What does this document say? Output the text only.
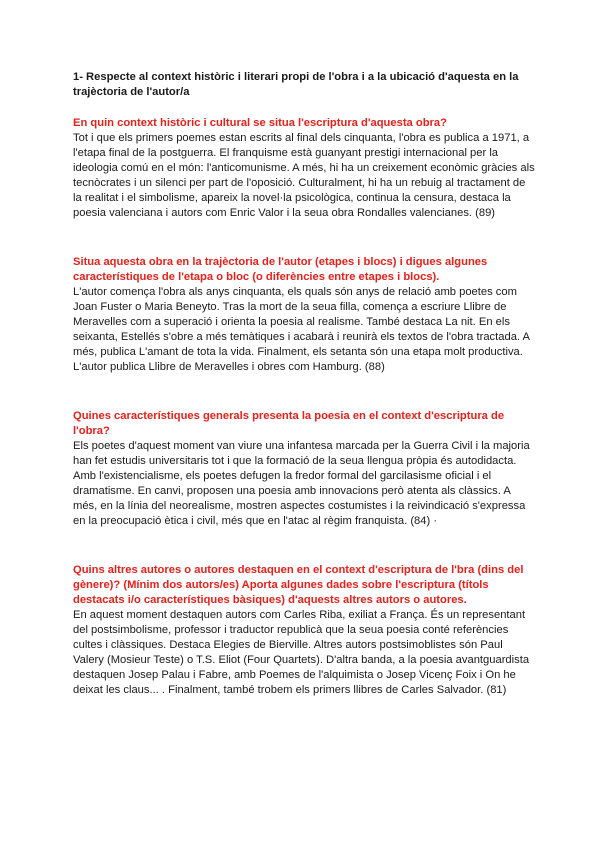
1- Respecte al context històric i literari propi de l'obra i a la ubicació d'aquesta en la trajèctoria de l'autor/a

En quin context històric i cultural se situa l'escriptura d'aquesta obra?

Tot i que els primers poemes estan escrits al final dels cinquanta, l'obra es publica a 1971, a l'etapa final de la postguerra. El franquisme està guanyant prestigi internacional per la ideologia comú en el món: l'anticomunisme. A més, hi ha un creixement econòmic gràcies als tecnòcrates i un silenci per part de l'oposició. Culturalment, hi ha un rebuig al tractament de la realitat i el simbolisme, apareix la novel·la psicològica, continua la censura, destaca la poesia valenciana i autors com Enric Valor i la seua obra Rondalles valencianes. (89)

Situa aquesta obra en la trajèctoria de l'autor (etapes i blocs) i digues algunes característiques de l'etapa o bloc (o diferències entre etapes i blocs).

L'autor comença l'obra als anys cinquanta, els quals són anys de relació amb poetes com Joan Fuster o Maria Beneyto. Tras la mort de la seua filla, comença a escriure Llibre de Meravelles com a superació i orienta la poesia al realisme. També destaca La nit. En els seixanta, Estellés s'obre a més temàtiques i acabarà i reunirà els textos de l'obra tractada. A més, publica L'amant de tota la vida. Finalment, els setanta són una etapa molt productiva. L'autor publica Llibre de Meravelles i obres com Hamburg. (88)

Quines característiques generals presenta la poesia en el context d'escriptura de l'obra?

Els poetes d'aquest moment van viure una infantesa marcada per la Guerra Civil i la majoria han fet estudis universitaris tot i que la formació de la seua llengua pròpia és autodidacta. Amb l'existencialisme, els poetes defugen la fredor formal del garcilasisme oficial i el dramatisme. En canvi, proposen una poesia amb innovacions però atenta als clàssics. A més, en la línia del neorealisme, mostren aspectes costumistes i la reivindicació s'expressa en la preocupació ètica i civil, més que en l'atac al règim franquista. (84) ·

Quins altres autores o autores destaquen en el context d'escriptura de l'bra (dins del gènere)? (Mínim dos autors/es) Aporta algunes dades sobre l'escriptura (títols destacats i/o característiques bàsiques) d'aquests altres autors o autores.

En aquest moment destaquen autors com Carles Riba, exiliat a França. És un representant del postsimbolisme, professor i traductor republicà que la seua poesia conté referències cultes i clàssiques. Destaca Elegies de Bierville. Altres autors postsimoblistes són Paul Valery (Mosieur Teste) o T.S. Eliot (Four Quartets). D'altra banda, a la poesia avantguardista destaquen Josep Palau i Fabre, amb Poemes de l'alquimista o Josep Vicenç Foix i On he deixat les claus... . Finalment, també trobem els primers llibres de Carles Salvador. (81)
